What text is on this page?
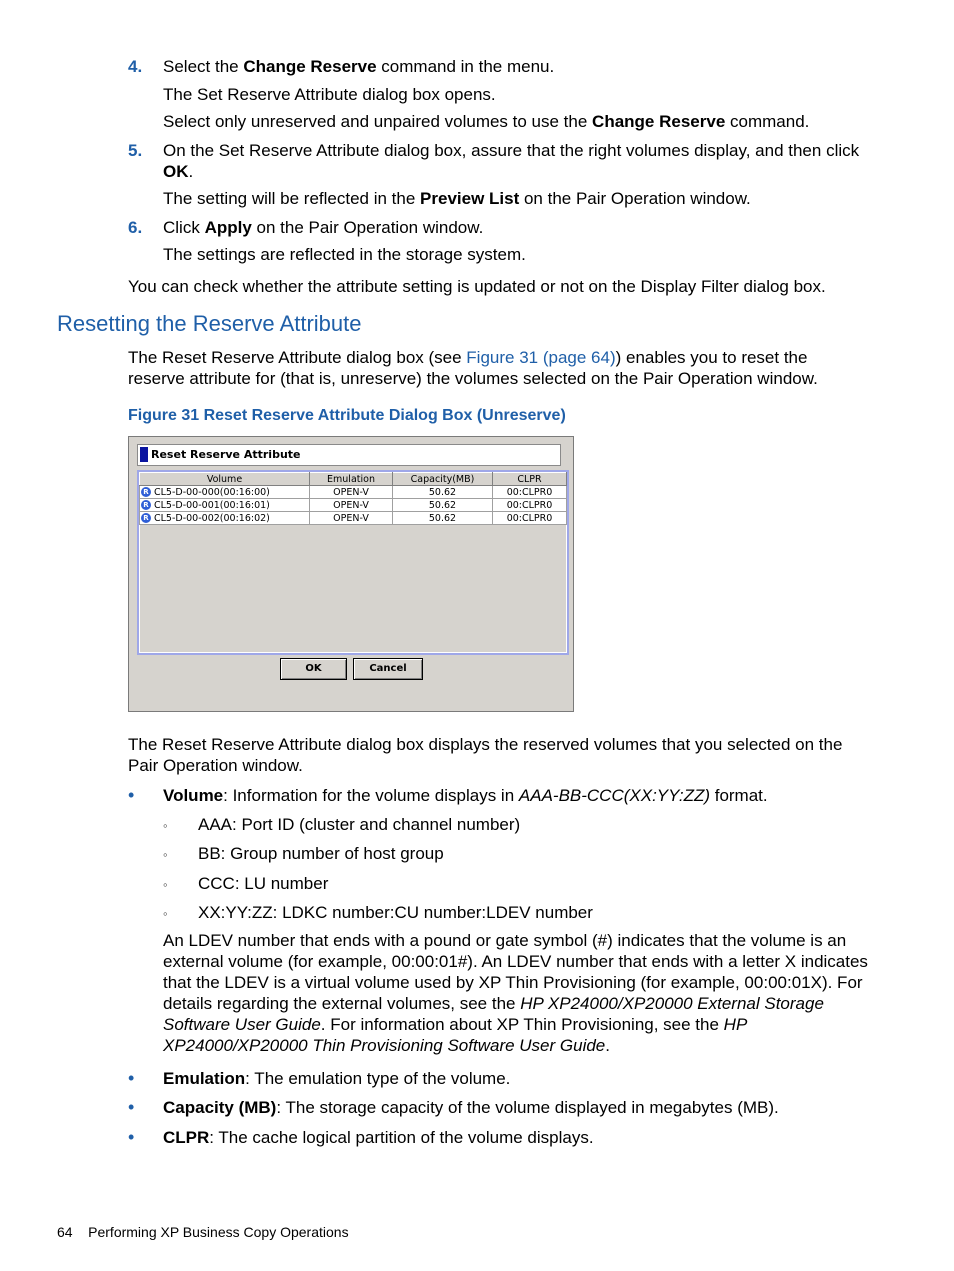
4. Select the Change Reserve command in the menu.
The Set Reserve Attribute dialog box opens.
Select only unreserved and unpaired volumes to use the Change Reserve command.
5. On the Set Reserve Attribute dialog box, assure that the right volumes display, and then click
OK.
The setting will be reflected in the Preview List on the Pair Operation window.
6. Click Apply on the Pair Operation window.
The settings are reflected in the storage system.
You can check whether the attribute setting is updated or not on the Display Filter dialog box.
Resetting the Reserve Attribute
The Reset Reserve Attribute dialog box (see Figure 31 (page 64)) enables you to reset the reserve attribute for (that is, unreserve) the volumes selected on the Pair Operation window.
Figure 31 Reset Reserve Attribute Dialog Box (Unreserve)
Reset Reserve Attribute
Volume	Emulation	Capacity(MB)	CLPR
R CL5-D-00-000(00:16:00)	OPEN-V	50.62	00:CLPR0
R CL5-D-00-001(00:16:01)	OPEN-V	50.62	00:CLPR0
R CL5-D-00-002(00:16:02)	OPEN-V	50.62	00:CLPR0
OK	Cancel
The Reset Reserve Attribute dialog box displays the reserved volumes that you selected on the Pair Operation window.
• Volume: Information for the volume displays in AAA-BB-CCC(XX:YY:ZZ) format.
◦ AAA: Port ID (cluster and channel number)
◦ BB: Group number of host group
◦ CCC: LU number
◦ XX:YY:ZZ: LDKC number:CU number:LDEV number
An LDEV number that ends with a pound or gate symbol (#) indicates that the volume is an external volume (for example, 00:00:01#). An LDEV number that ends with a letter X indicates that the LDEV is a virtual volume used by XP Thin Provisioning (for example, 00:00:01X). For details regarding the external volumes, see the HP XP24000/XP20000 External Storage Software User Guide. For information about XP Thin Provisioning, see the HP XP24000/XP20000 Thin Provisioning Software User Guide.
• Emulation: The emulation type of the volume.
• Capacity (MB): The storage capacity of the volume displayed in megabytes (MB).
• CLPR: The cache logical partition of the volume displays.
64 Performing XP Business Copy Operations
